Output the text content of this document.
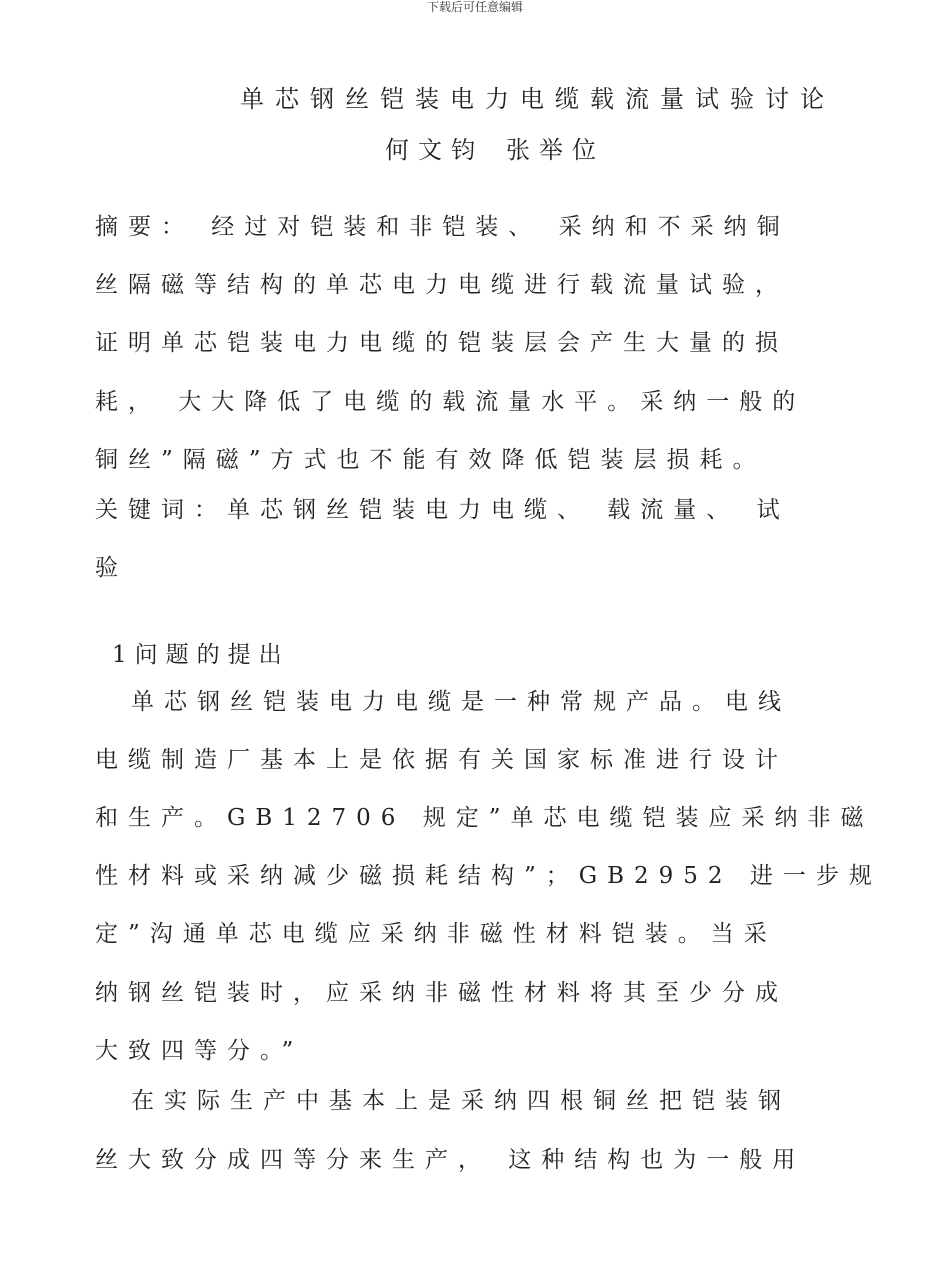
下载后可任意编辑
单芯钢丝铠装电力电缆载流量试验讨论
何文钧 张举位
摘要： 经过对铠装和非铠装、 采纳和不采纳铜
丝隔磁等结构的单芯电力电缆进行载流量试验，
证明单芯铠装电力电缆的铠装层会产生大量的损
耗， 大大降低了电缆的载流量水平。采纳一般的
铜丝”隔磁”方式也不能有效降低铠装层损耗。
关键词：单芯钢丝铠装电力电缆、 载流量、 试
验
1问题的提出
单芯钢丝铠装电力电缆是一种常规产品。电线
电缆制造厂基本上是依据有关国家标准进行设计
和生产。GB12706 规定”单芯电缆铠装应采纳非磁
性材料或采纳减少磁损耗结构”；GB2952 进一步规
定”沟通单芯电缆应采纳非磁性材料铠装。当采
纳钢丝铠装时，应采纳非磁性材料将其至少分成
大致四等分。”
在实际生产中基本上是采纳四根铜丝把铠装钢
丝大致分成四等分来生产， 这种结构也为一般用
